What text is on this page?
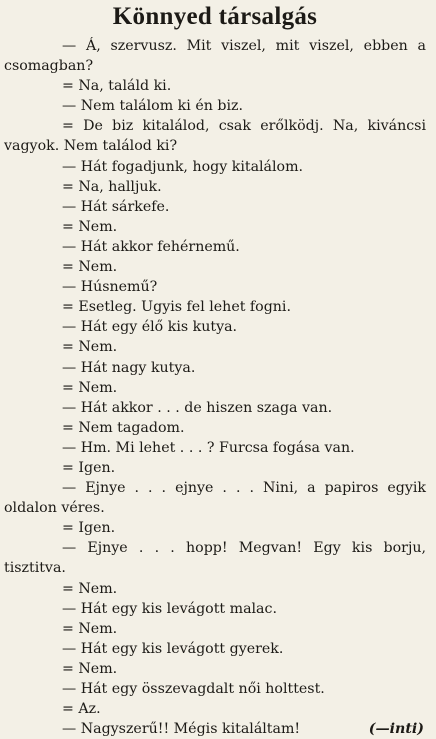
Könnyed társalgás
— Á, szervusz. Mit viszel, mit viszel, ebben a
csomagban?
= Na, találd ki.
— Nem találom ki én biz.
= De biz kitalálod, csak erőlködj. Na, kiváncsi
vagyok. Nem találod ki?
— Hát fogadjunk, hogy kitalálom.
= Na, halljuk.
— Hát sárkefe.
= Nem.
— Hát akkor fehérnemű.
= Nem.
— Húsnemű?
= Esetleg. Ugyis fel lehet fogni.
— Hát egy élő kis kutya.
= Nem.
— Hát nagy kutya.
= Nem.
— Hát akkor . . . de hiszen szaga van.
= Nem tagadom.
— Hm. Mi lehet . . . ? Furcsa fogása van.
= Igen.
— Ejnye . . . ejnye . . . Nini, a papiros egyik
oldalon véres.
= Igen.
— Ejnye . . . hopp! Megvan! Egy kis borju,
tisztitva.
= Nem.
— Hát egy kis levágott malac.
= Nem.
— Hát egy kis levágott gyerek.
= Nem.
— Hát egy összevagdalt női holttest.
= Az.
— Nagyszerű!! Mégis kitaláltam!	(—inti)
